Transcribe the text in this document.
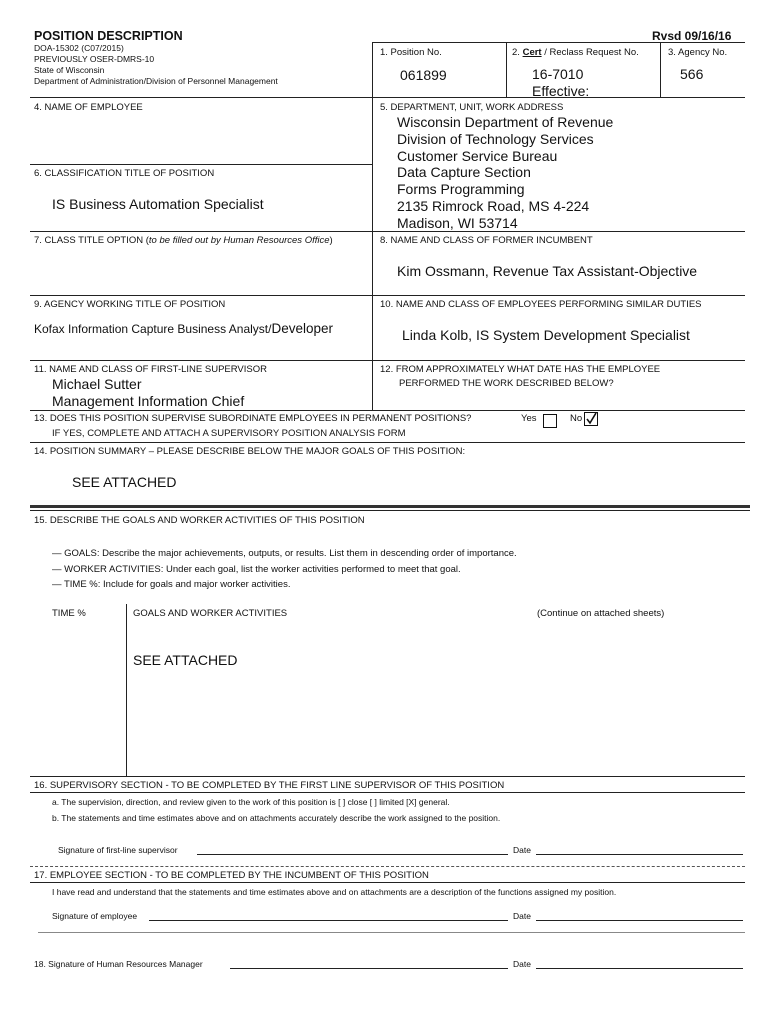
POSITION DESCRIPTION	Rvsd 09/16/16
DOA-15302 (C07/2015)
PREVIOUSLY OSER-DMRS-10
State of Wisconsin
Department of Administration/Division of Personnel Management
1. Position No.
061899
2. Cert / Reclass Request No.
16-7010
Effective:
3. Agency No.
566
4. NAME OF EMPLOYEE	5. DEPARTMENT, UNIT, WORK ADDRESS
Wisconsin Department of Revenue
Division of Technology Services
Customer Service Bureau
Data Capture Section
Forms Programming
2135 Rimrock Road, MS 4-224
Madison, WI 53714
6. CLASSIFICATION TITLE OF POSITION
IS Business Automation Specialist
7. CLASS TITLE OPTION (to be filled out by Human Resources Office)	8. NAME AND CLASS OF FORMER INCUMBENT
Kim Ossmann, Revenue Tax Assistant-Objective
9. AGENCY WORKING TITLE OF POSITION
Kofax Information Capture Business Analyst/Developer
10. NAME AND CLASS OF EMPLOYEES PERFORMING SIMILAR DUTIES
Linda Kolb, IS System Development Specialist
11. NAME AND CLASS OF FIRST-LINE SUPERVISOR
Michael Sutter
Management Information Chief
12. FROM APPROXIMATELY WHAT DATE HAS THE EMPLOYEE
PERFORMED THE WORK DESCRIBED BELOW?
13. DOES THIS POSITION SUPERVISE SUBORDINATE EMPLOYEES IN PERMANENT POSITIONS?
IF YES, COMPLETE AND ATTACH A SUPERVISORY POSITION ANALYSIS FORM
Yes	No
14. POSITION SUMMARY – PLEASE DESCRIBE BELOW THE MAJOR GOALS OF THIS POSITION:
SEE ATTACHED
15. DESCRIBE THE GOALS AND WORKER ACTIVITIES OF THIS POSITION
— GOALS: Describe the major achievements, outputs, or results. List them in descending order of importance.
— WORKER ACTIVITIES: Under each goal, list the worker activities performed to meet that goal.
— TIME %: Include for goals and major worker activities.
TIME %	GOALS AND WORKER ACTIVITIES	(Continue on attached sheets)
SEE ATTACHED
16. SUPERVISORY SECTION - TO BE COMPLETED BY THE FIRST LINE SUPERVISOR OF THIS POSITION
a. The supervision, direction, and review given to the work of this position is [ ] close [ ] limited [X] general.
b. The statements and time estimates above and on attachments accurately describe the work assigned to the position.
Signature of first-line supervisor	Date
17. EMPLOYEE SECTION - TO BE COMPLETED BY THE INCUMBENT OF THIS POSITION
I have read and understand that the statements and time estimates above and on attachments are a description of the functions assigned my position.
Signature of employee	Date
18. Signature of Human Resources Manager	Date
